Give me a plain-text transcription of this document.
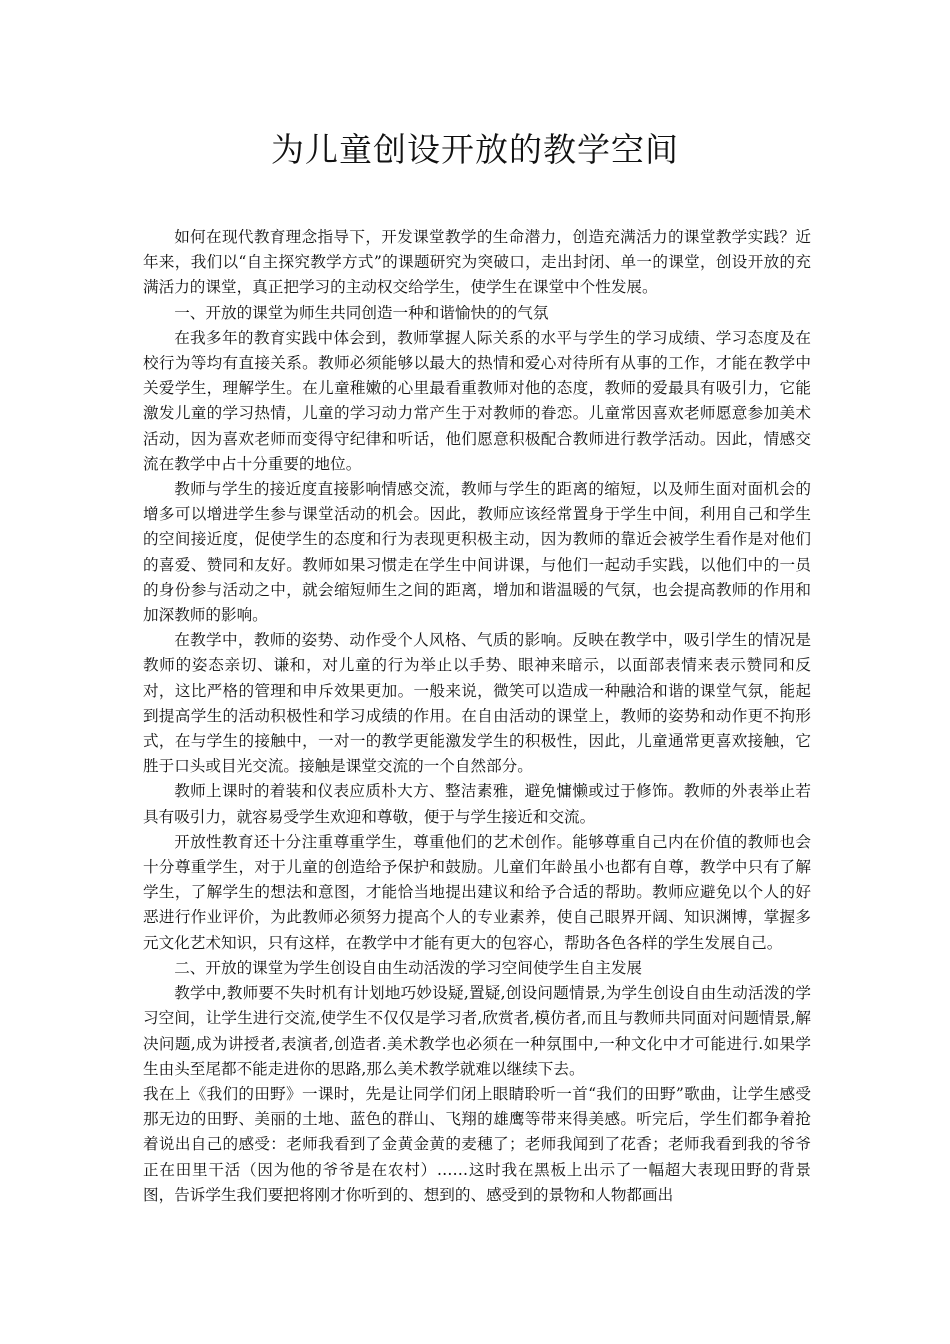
为儿童创设开放的教学空间

如何在现代教育理念指导下，开发课堂教学的生命潜力，创造充满活力的课堂教学实践？近年来，我们以“自主探究教学方式”的课题研究为突破口，走出封闭、单一的课堂，创设开放的充满活力的课堂，真正把学习的主动权交给学生，使学生在课堂中个性发展。

一、开放的课堂为师生共同创造一种和谐愉快的的气氛

在我多年的教育实践中体会到，教师掌握人际关系的水平与学生的学习成绩、学习态度及在校行为等均有直接关系。教师必须能够以最大的热情和爱心对待所有从事的工作，才能在教学中关爱学生，理解学生。在儿童稚嫩的心里最看重教师对他的态度，教师的爱最具有吸引力，它能激发儿童的学习热情，儿童的学习动力常产生于对教师的眷恋。儿童常因喜欢老师愿意参加美术活动，因为喜欢老师而变得守纪律和听话，他们愿意积极配合教师进行教学活动。因此，情感交流在教学中占十分重要的地位。

教师与学生的接近度直接影响情感交流，教师与学生的距离的缩短，以及师生面对面机会的增多可以增进学生参与课堂活动的机会。因此，教师应该经常置身于学生中间，利用自己和学生的空间接近度，促使学生的态度和行为表现更积极主动，因为教师的靠近会被学生看作是对他们的喜爱、赞同和友好。教师如果习惯走在学生中间讲课，与他们一起动手实践，以他们中的一员的身份参与活动之中，就会缩短师生之间的距离，增加和谐温暖的气氛，也会提高教师的作用和加深教师的影响。

在教学中，教师的姿势、动作受个人风格、气质的影响。反映在教学中，吸引学生的情况是教师的姿态亲切、谦和，对儿童的行为举止以手势、眼神来暗示，以面部表情来表示赞同和反对，这比严格的管理和申斥效果更加。一般来说，微笑可以造成一种融洽和谐的课堂气氛，能起到提高学生的活动积极性和学习成绩的作用。在自由活动的课堂上，教师的姿势和动作更不拘形式，在与学生的接触中，一对一的教学更能激发学生的积极性，因此，儿童通常更喜欢接触，它胜于口头或目光交流。接触是课堂交流的一个自然部分。

教师上课时的着装和仪表应质朴大方、整洁素雅，避免慵懒或过于修饰。教师的外表举止若具有吸引力，就容易受学生欢迎和尊敬，便于与学生接近和交流。

开放性教育还十分注重尊重学生，尊重他们的艺术创作。能够尊重自己内在价值的教师也会十分尊重学生，对于儿童的创造给予保护和鼓励。儿童们年龄虽小也都有自尊，教学中只有了解学生，了解学生的想法和意图，才能恰当地提出建议和给予合适的帮助。教师应避免以个人的好恶进行作业评价，为此教师必须努力提高个人的专业素养，使自己眼界开阔、知识渊博，掌握多元文化艺术知识，只有这样，在教学中才能有更大的包容心，帮助各色各样的学生发展自己。

二、开放的课堂为学生创设自由生动活泼的学习空间使学生自主发展

教学中,教师要不失时机有计划地巧妙设疑,置疑,创设问题情景,为学生创设自由生动活泼的学习空间，让学生进行交流,使学生不仅仅是学习者,欣赏者,模仿者,而且与教师共同面对问题情景,解决问题,成为讲授者,表演者,创造者.美术教学也必须在一种氛围中,一种文化中才可能进行.如果学生由头至尾都不能走进你的思路,那么美术教学就难以继续下去。

我在上《我们的田野》一课时，先是让同学们闭上眼睛聆听一首“我们的田野”歌曲，让学生感受那无边的田野、美丽的土地、蓝色的群山、飞翔的雄鹰等带来得美感。听完后，学生们都争着抢着说出自己的感受：老师我看到了金黄金黄的麦穗了；老师我闻到了花香；老师我看到我的爷爷正在田里干活（因为他的爷爷是在农村）……这时我在黑板上出示了一幅超大表现田野的背景图，告诉学生我们要把将刚才你听到的、想到的、感受到的景物和人物都画出
